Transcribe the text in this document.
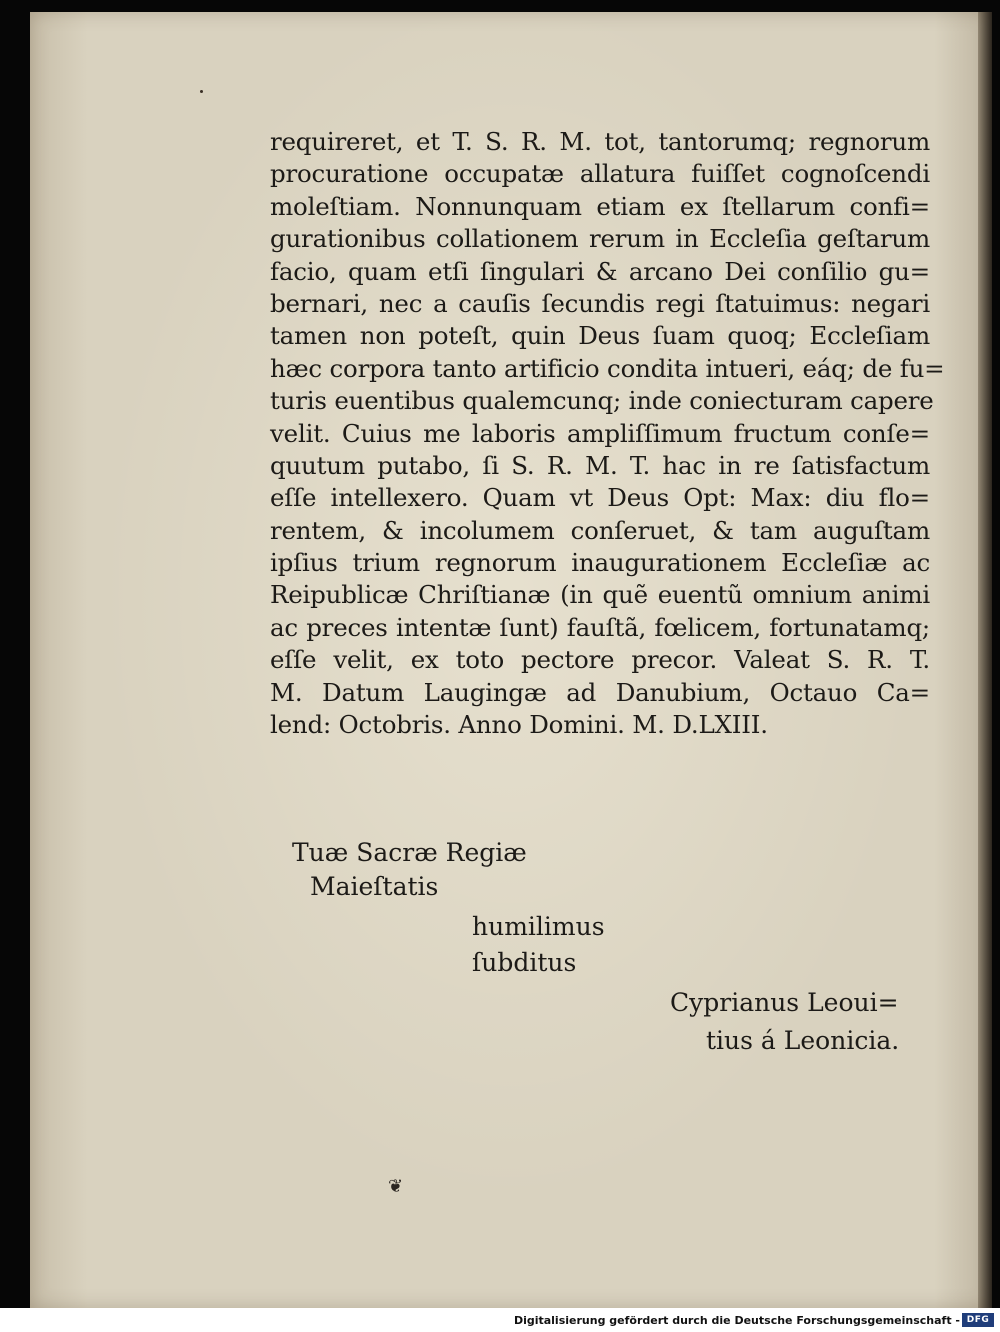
requireret, et T. S. R. M. tot, tantorumq; regnorum
procuratione occupatæ allatura fuiſſet cognoſcendi
moleſtiam. Nonnunquam etiam ex ſtellarum confi=
gurationibus collationem rerum in Eccleſia geſtarum
facio, quam etſi ſingulari & arcano Dei conſilio gu=
bernari, nec a cauſis ſecundis regi ſtatuimus: negari
tamen non poteſt, quin Deus ſuam quoq; Eccleſiam
hæc corpora tanto artificio condita intueri, eáq; de fu=
turis euentibus qualemcunq; inde coniecturam capere
velit. Cuius me laboris ampliſſimum fructum conſe=
quutum putabo, ſi S. R. M. T. hac in re ſatisfactum
eſſe intellexero. Quam vt Deus Opt: Max: diu flo=
rentem, & incolumem conſeruet, & tam auguſtam
ipſius trium regnorum inaugurationem Eccleſiæ ac
Reipublicæ Chriſtianæ (in quẽ euentũ omnium animi
ac preces intentæ ſunt) fauſtã, fœlicem, fortunatamq;
eſſe velit, ex toto pectore precor. Valeat S. R. T.
M. Datum Laugingæ ad Danubium, Octauo Ca=
lend: Octobris. Anno Domini. M. D.LXIII.
Tuæ Sacræ Regiæ
Maieſtatis
humilimus
ſubditus
Cyprianus Leoui=
tius á Leonicia.
❦
Digitalisierung gefördert durch die Deutsche Forschungsgemeinschaft - DFG
